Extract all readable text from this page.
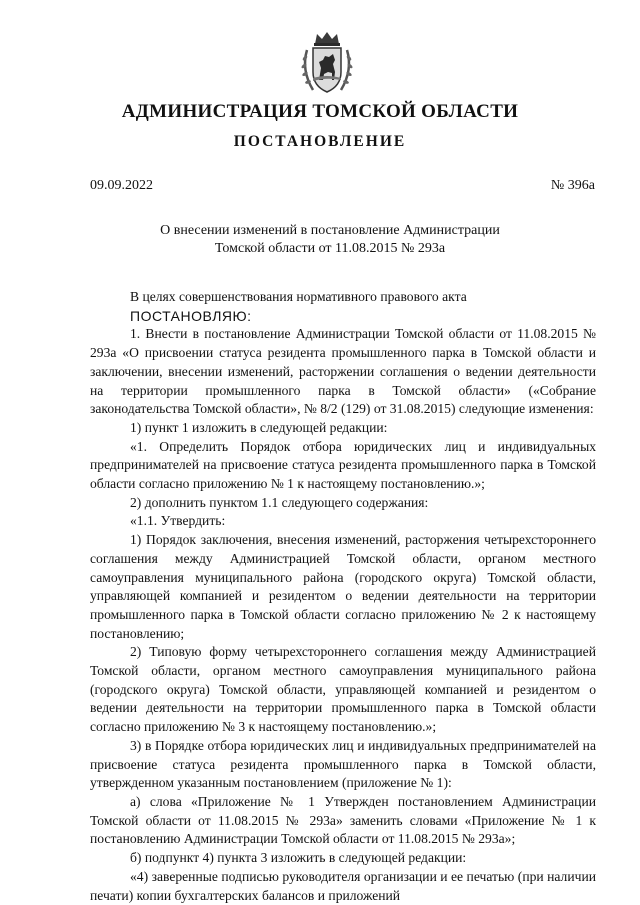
АДМИНИСТРАЦИЯ ТОМСКОЙ ОБЛАСТИ
ПОСТАНОВЛЕНИЕ
09.09.2022	№ 396а
О внесении изменений в постановление Администрации
Томской области от 11.08.2015 № 293а

В целях совершенствования нормативного правового акта

ПОСТАНОВЛЯЮ:

1. Внести в постановление Администрации Томской области от 11.08.2015 № 293а «О присвоении статуса резидента промышленного парка в Томской области и заключении, внесении изменений, расторжении соглашения о ведении деятельности на территории промышленного парка в Томской области» («Собрание законодательства Томской области», № 8/2 (129) от 31.08.2015) следующие изменения:

1) пункт 1 изложить в следующей редакции:

«1. Определить Порядок отбора юридических лиц и индивидуальных предпринимателей на присвоение статуса резидента промышленного парка в Томской области согласно приложению № 1 к настоящему постановлению.»;

2) дополнить пунктом 1.1 следующего содержания:

«1.1. Утвердить:

1) Порядок заключения, внесения изменений, расторжения четырехстороннего соглашения между Администрацией Томской области, органом местного самоуправления муниципального района (городского округа) Томской области, управляющей компанией и резидентом о ведении деятельности на территории промышленного парка в Томской области согласно приложению № 2 к настоящему постановлению;

2) Типовую форму четырехстороннего соглашения между Администрацией Томской области, органом местного самоуправления муниципального района (городского округа) Томской области, управляющей компанией и резидентом о ведении деятельности на территории промышленного парка в Томской области согласно приложению № 3 к настоящему постановлению.»;

3) в Порядке отбора юридических лиц и индивидуальных предпринимателей на присвоение статуса резидента промышленного парка в Томской области, утвержденном указанным постановлением (приложение № 1):

а) слова «Приложение № 1 Утвержден постановлением Администрации Томской области от 11.08.2015 № 293а» заменить словами «Приложение № 1 к постановлению Администрации Томской области от 11.08.2015 № 293а»;

б) подпункт 4) пункта 3 изложить в следующей редакции:

«4) заверенные подписью руководителя организации и ее печатью (при наличии печати) копии бухгалтерских балансов и приложений
